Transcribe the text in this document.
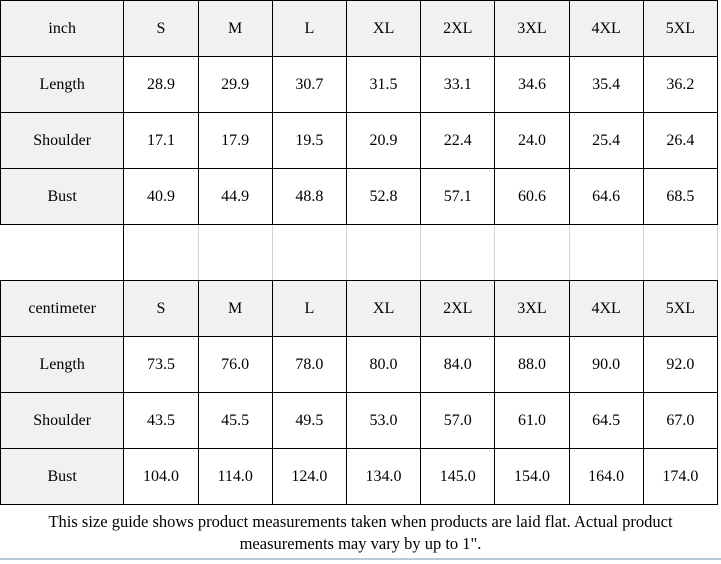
inch	S	M	L	XL	2XL	3XL	4XL	5XL
Length	28.9	29.9	30.7	31.5	33.1	34.6	35.4	36.2
Shoulder	17.1	17.9	19.5	20.9	22.4	24.0	25.4	26.4
Bust	40.9	44.9	48.8	52.8	57.1	60.6	64.6	68.5

centimeter	S	M	L	XL	2XL	3XL	4XL	5XL
Length	73.5	76.0	78.0	80.0	84.0	88.0	90.0	92.0
Shoulder	43.5	45.5	49.5	53.0	57.0	61.0	64.5	67.0
Bust	104.0	114.0	124.0	134.0	145.0	154.0	164.0	174.0
This size guide shows product measurements taken when products are laid flat. Actual product measurements may vary by up to 1".
